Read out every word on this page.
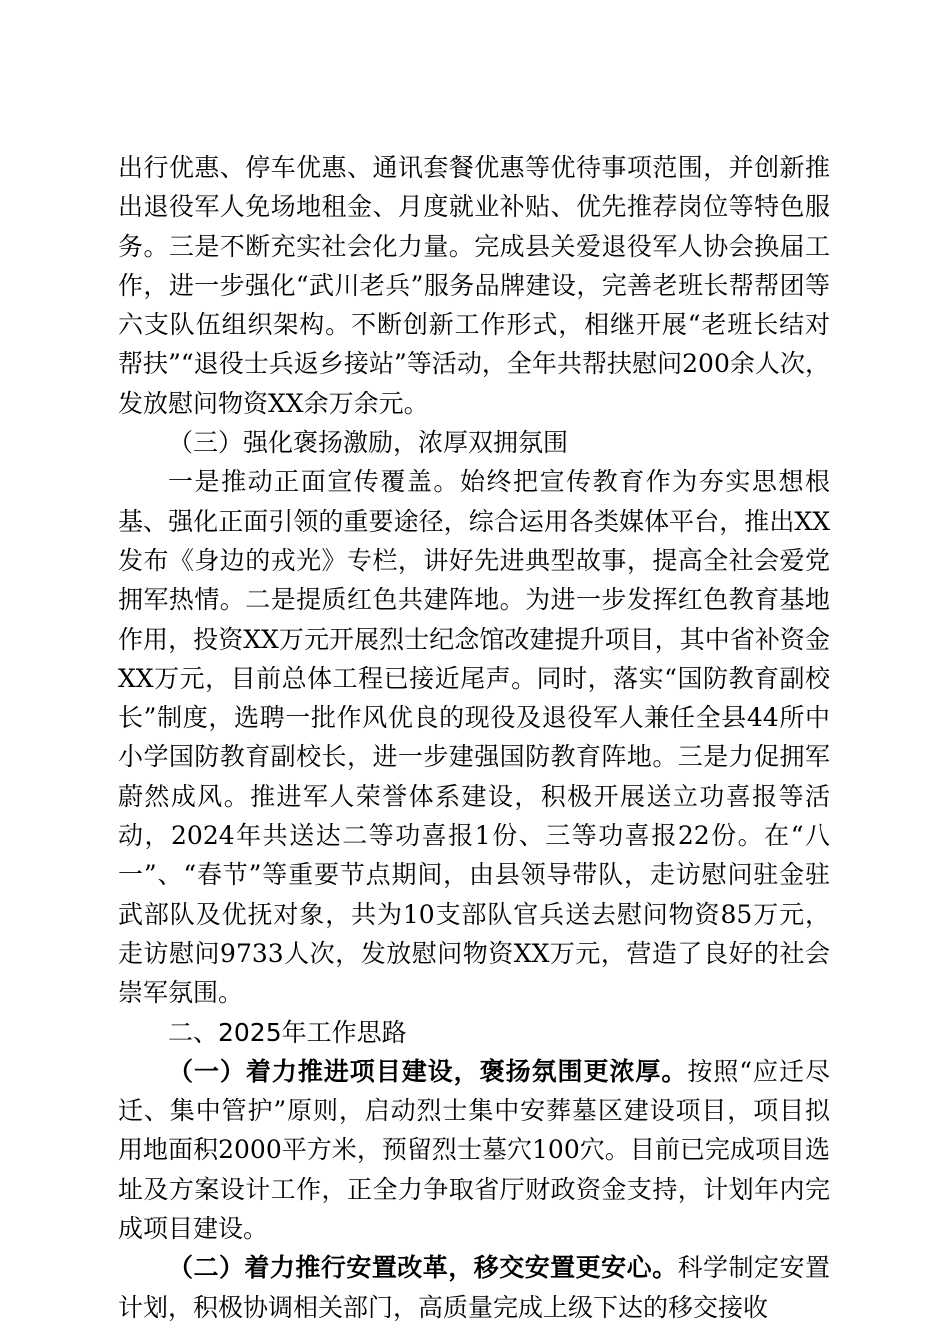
出行优惠、停车优惠、通讯套餐优惠等优待事项范围，并创新推出退役军人免场地租金、月度就业补贴、优先推荐岗位等特色服务。三是不断充实社会化力量。完成县关爱退役军人协会换届工作，进一步强化“武川老兵”服务品牌建设，完善老班长帮帮团等六支队伍组织架构。不断创新工作形式，相继开展“老班长结对帮扶”“退役士兵返乡接站”等活动，全年共帮扶慰问200余人次，发放慰问物资XX余万余元。

（三）强化褒扬激励，浓厚双拥氛围

一是推动正面宣传覆盖。始终把宣传教育作为夯实思想根基、强化正面引领的重要途径，综合运用各类媒体平台，推出XX发布《身边的戎光》专栏，讲好先进典型故事，提高全社会爱党拥军热情。二是提质红色共建阵地。为进一步发挥红色教育基地作用，投资XX万元开展烈士纪念馆改建提升项目，其中省补资金XX万元，目前总体工程已接近尾声。同时，落实“国防教育副校长”制度，选聘一批作风优良的现役及退役军人兼任全县44所中小学国防教育副校长，进一步建强国防教育阵地。三是力促拥军蔚然成风。推进军人荣誉体系建设，积极开展送立功喜报等活动，2024年共送达二等功喜报1份、三等功喜报22份。在“八一”、“春节”等重要节点期间，由县领导带队，走访慰问驻金驻武部队及优抚对象，共为10支部队官兵送去慰问物资85万元，走访慰问9733人次，发放慰问物资XX万元，营造了良好的社会崇军氛围。

二、2025年工作思路

（一）着力推进项目建设，褒扬氛围更浓厚。按照“应迁尽迁、集中管护”原则，启动烈士集中安葬墓区建设项目，项目拟用地面积2000平方米，预留烈士墓穴100穴。目前已完成项目选址及方案设计工作，正全力争取省厅财政资金支持，计划年内完成项目建设。

（二）着力推行安置改革，移交安置更安心。科学制定安置计划，积极协调相关部门，高质量完成上级下达的移交接收
